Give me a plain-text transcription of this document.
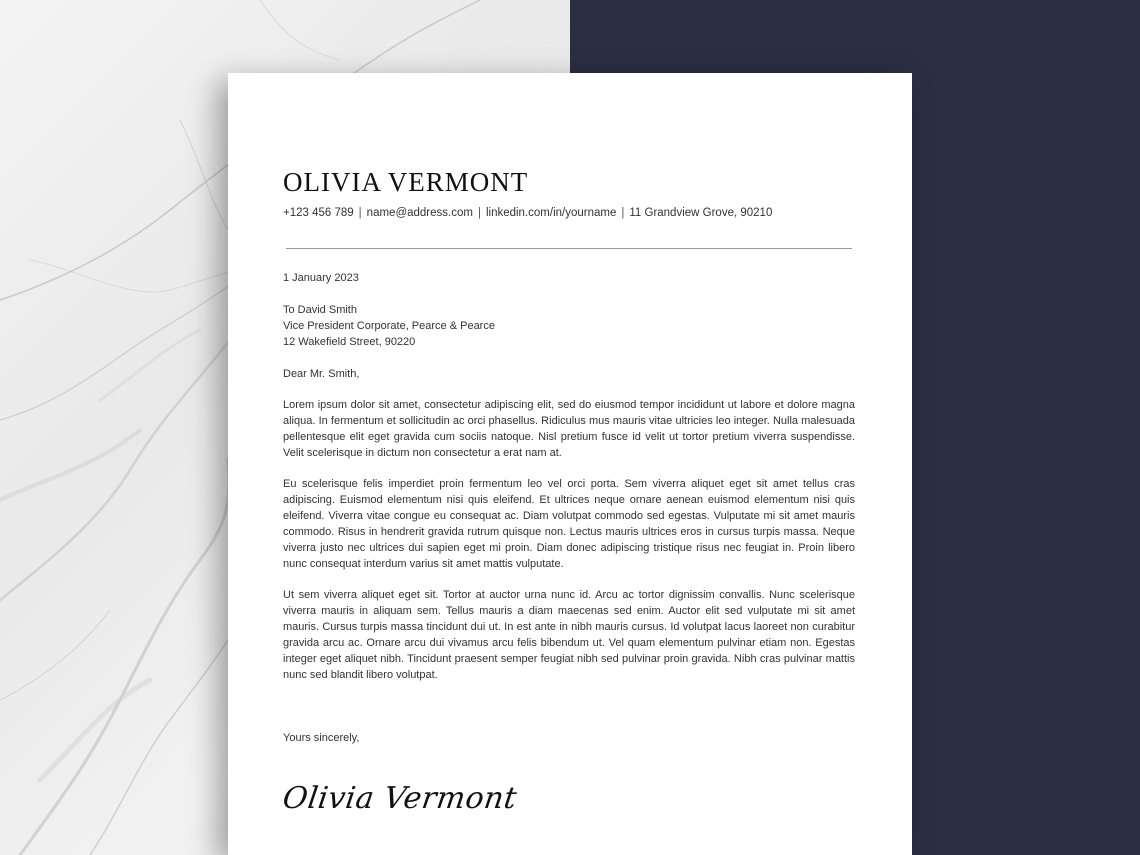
OLIVIA VERMONT
+123 456 789 | name@address.com | linkedin.com/in/yourname | 11 Grandview Grove, 90210
1 January 2023
To David Smith
Vice President Corporate, Pearce & Pearce
12 Wakefield Street, 90220
Dear Mr. Smith,
Lorem ipsum dolor sit amet, consectetur adipiscing elit, sed do eiusmod tempor incididunt ut labore et dolore magna aliqua. In fermentum et sollicitudin ac orci phasellus. Ridiculus mus mauris vitae ultricies leo integer. Nulla malesuada pellentesque elit eget gravida cum sociis natoque. Nisl pretium fusce id velit ut tortor pretium viverra suspendisse. Velit scelerisque in dictum non consectetur a erat nam at.
Eu scelerisque felis imperdiet proin fermentum leo vel orci porta. Sem viverra aliquet eget sit amet tellus cras adipiscing. Euismod elementum nisi quis eleifend. Et ultrices neque ornare aenean euismod elementum nisi quis eleifend. Viverra vitae congue eu consequat ac. Diam volutpat commodo sed egestas. Vulputate mi sit amet mauris commodo. Risus in hendrerit gravida rutrum quisque non. Lectus mauris ultrices eros in cursus turpis massa. Neque viverra justo nec ultrices dui sapien eget mi proin. Diam donec adipiscing tristique risus nec feugiat in. Proin libero nunc consequat interdum varius sit amet mattis vulputate.
Ut sem viverra aliquet eget sit. Tortor at auctor urna nunc id. Arcu ac tortor dignissim convallis. Nunc scelerisque viverra mauris in aliquam sem. Tellus mauris a diam maecenas sed enim. Auctor elit sed vulputate mi sit amet mauris. Cursus turpis massa tincidunt dui ut. In est ante in nibh mauris cursus. Id volutpat lacus laoreet non curabitur gravida arcu ac. Ornare arcu dui vivamus arcu felis bibendum ut. Vel quam elementum pulvinar etiam non. Egestas integer eget aliquet nibh. Tincidunt praesent semper feugiat nibh sed pulvinar proin gravida. Nibh cras pulvinar mattis nunc sed blandit libero volutpat.
Yours sincerely,
Olivia Vermont
